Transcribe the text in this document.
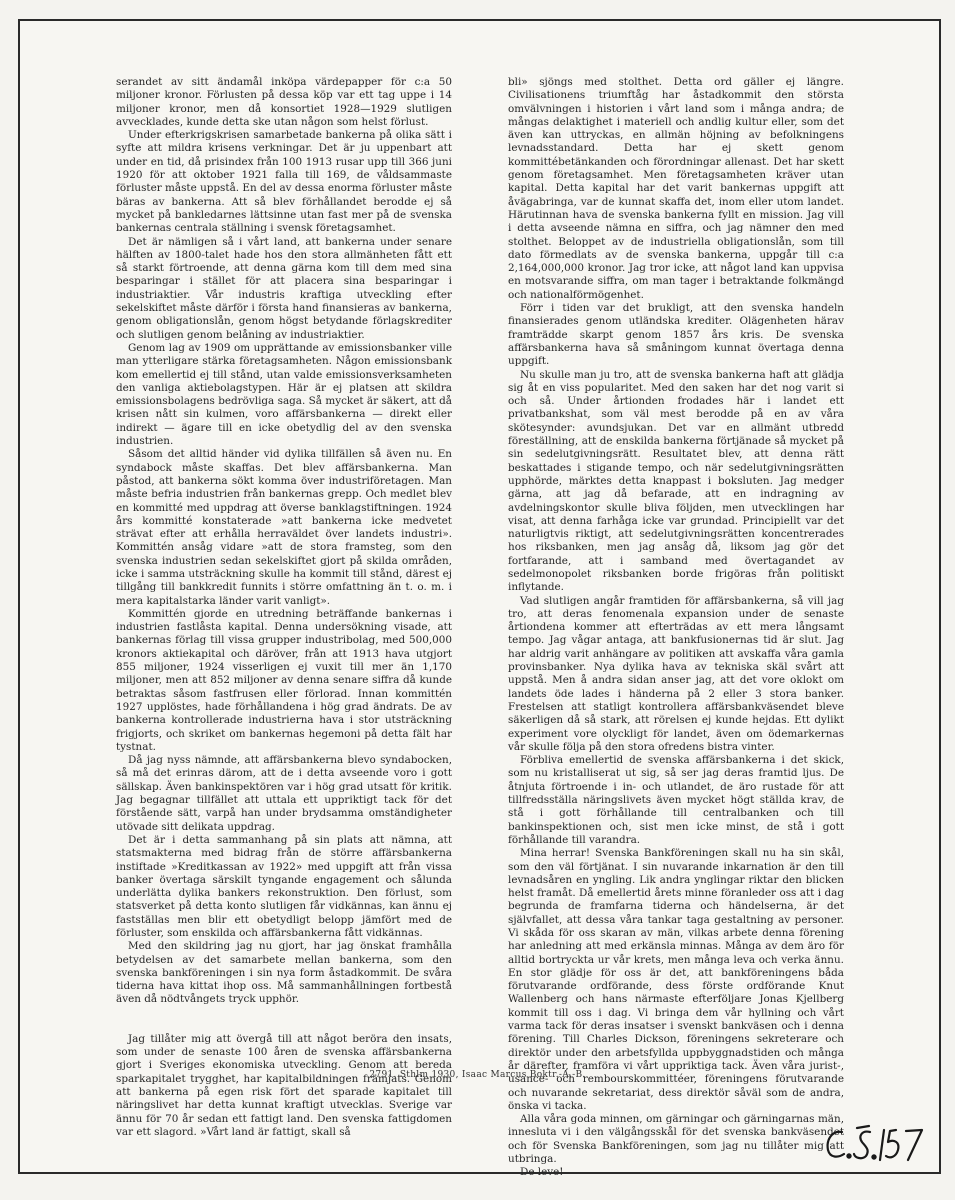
serandet av sitt ändamål inköpa värdepapper för c:a 50 miljoner kronor. Förlusten på dessa köp var ett tag uppe i 14 miljoner kronor, men då konsortiet 1928—1929 slutligen avvecklades, kunde detta ske utan någon som helst förlust.

Under efterkrigskrisen samarbetade bankerna på olika sätt i syfte att mildra krisens verkningar. Det är ju uppenbart att under en tid, då prisindex från 100 1913 rusar upp till 366 juni 1920 för att oktober 1921 falla till 169, de våldsammaste förluster måste uppstå. En del av dessa enorma förluster måste bäras av bankerna. Att så blev förhållandet berodde ej så mycket på bankledarnes lättsinne utan fast mer på de svenska bankernas centrala ställning i svensk företagsamhet.

Det är nämligen så i vårt land, att bankerna under senare hälften av 1800-talet hade hos den stora allmänheten fått ett så starkt förtroende, att denna gärna kom till dem med sina besparingar i stället för att placera sina besparingar i industriaktier. Vår industris kraftiga utveckling efter sekelskiftet måste därför i första hand finansieras av bankerna, genom obligationslån, genom högst betydande förlagskrediter och slutligen genom belåning av industriaktier.

Genom lag av 1909 om upprättande av emissionsbanker ville man ytterligare stärka företagsamheten. Någon emissionsbank kom emellertid ej till stånd, utan valde emissionsverksamheten den vanliga aktiebolagstypen. Här är ej platsen att skildra emissionsbolagens bedrövliga saga. Så mycket är säkert, att då krisen nått sin kulmen, voro affärsbankerna — direkt eller indirekt — ägare till en icke obetydlig del av den svenska industrien.

Såsom det alltid händer vid dylika tillfällen så även nu. En syndabock måste skaffas. Det blev affärsbankerna. Man påstod, att bankerna sökt komma över industriföretagen. Man måste befria industrien från bankernas grepp. Och medlet blev en kommitté med uppdrag att överse banklagstiftningen. 1924 års kommitté konstaterade »att bankerna icke medvetet strävat efter att erhålla herraväldet över landets industri». Kommittén ansåg vidare »att de stora framsteg, som den svenska industrien sedan sekelskiftet gjort på skilda områden, icke i samma utsträckning skulle ha kommit till stånd, därest ej tillgång till bankkredit funnits i större omfattning än t. o. m. i mera kapitalstarka länder varit vanligt».

Kommittén gjorde en utredning beträffande bankernas i industrien fastlåsta kapital. Denna undersökning visade, att bankernas förlag till vissa grupper industribolag, med 500,000 kronors aktiekapital och däröver, från att 1913 hava utgjort 855 miljoner, 1924 visserligen ej vuxit till mer än 1,170 miljoner, men att 852 miljoner av denna senare siffra då kunde betraktas såsom fastfrusen eller förlorad. Innan kommittén 1927 upplöstes, hade förhållandena i hög grad ändrats. De av bankerna kontrollerade industrierna hava i stor utsträckning frigjorts, och skriket om bankernas hegemoni på detta fält har tystnat.

Då jag nyss nämnde, att affärsbankerna blevo syndabocken, så må det erinras därom, att de i detta avseende voro i gott sällskap. Även bankinspektören var i hög grad utsatt för kritik. Jag begagnar tillfället att uttala ett uppriktigt tack för det förstående sätt, varpå han under brydsamma omständigheter utövade sitt delikata uppdrag.

Det är i detta sammanhang på sin plats att nämna, att statsmakterna med bidrag från de större affärsbankerna instiftade »Kreditkassan av 1922» med uppgift att från vissa banker övertaga särskilt tyngande engagement och sålunda underlätta dylika bankers rekonstruktion. Den förlust, som statsverket på detta konto slutligen får vidkännas, kan ännu ej fastställas men blir ett obetydligt belopp jämfört med de förluster, som enskilda och affärsbankerna fått vidkännas.

Med den skildring jag nu gjort, har jag önskat framhålla betydelsen av det samarbete mellan bankerna, som den svenska bankföreningen i sin nya form åstadkommit. De svåra tiderna hava kittat ihop oss. Må sammanhållningen fortbestå även då nödtvångets tryck upphör.

Jag tillåter mig att övergå till att något beröra den insats, som under de senaste 100 åren de svenska affärsbankerna gjort i Sveriges ekonomiska utveckling. Genom att bereda sparkapitalet trygghet, har kapitalbildningen främjats. Genom att bankerna på egen risk fört det sparade kapitalet till näringslivet har detta kunnat kraftigt utvecklas. Sverige var ännu för 70 år sedan ett fattigt land. Den svenska fattigdomen var ett slagord. »Vårt land är fattigt, skall så

bli» sjöngs med stolthet. Detta ord gäller ej längre. Civilisationens triumftåg har åstadkommit den största omvälvningen i historien i vårt land som i många andra; de mångas delaktighet i materiell och andlig kultur eller, som det även kan uttryckas, en allmän höjning av befolkningens levnadsstandard. Detta har ej skett genom kommittébetänkanden och förordningar allenast. Det har skett genom företagsamhet. Men företagsamheten kräver utan kapital. Detta kapital har det varit bankernas uppgift att åvägabringa, var de kunnat skaffa det, inom eller utom landet. Härutinnan hava de svenska bankerna fyllt en mission. Jag vill i detta avseende nämna en siffra, och jag nämner den med stolthet. Beloppet av de industriella obligationslån, som till dato förmedlats av de svenska bankerna, uppgår till c:a 2,164,000,000 kronor. Jag tror icke, att något land kan uppvisa en motsvarande siffra, om man tager i betraktande folkmängd och nationalförmögenhet.

Förr i tiden var det brukligt, att den svenska handeln finansierades genom utländska krediter. Olägenheten härav framträdde skarpt genom 1857 års kris. De svenska affärsbankerna hava så småningom kunnat övertaga denna uppgift.

Nu skulle man ju tro, att de svenska bankerna haft att glädja sig åt en viss popularitet. Med den saken har det nog varit si och så. Under årtionden frodades här i landet ett privatbankshat, som väl mest berodde på en av våra skötesynder: avundsjukan. Det var en allmänt utbredd föreställning, att de enskilda bankerna förtjänade så mycket på sin sedelutgivningsrätt. Resultatet blev, att denna rätt beskattades i stigande tempo, och när sedelutgivningsrätten upphörde, märktes detta knappast i boksluten. Jag medger gärna, att jag då befarade, att en indragning av avdelningskontor skulle bliva följden, men utvecklingen har visat, att denna farhåga icke var grundad. Principiellt var det naturligtvis riktigt, att sedelutgivningsrätten koncentrerades hos riksbanken, men jag ansåg då, liksom jag gör det fortfarande, att i samband med övertagandet av sedelmonopolet riksbanken borde frigöras från politiskt inflytande.

Vad slutligen angår framtiden för affärsbankerna, så vill jag tro, att deras fenomenala expansion under de senaste årtiondena kommer att efterträdas av ett mera långsamt tempo. Jag vågar antaga, att bankfusionernas tid är slut. Jag har aldrig varit anhängare av politiken att avskaffa våra gamla provinsbanker. Nya dylika hava av tekniska skäl svårt att uppstå. Men å andra sidan anser jag, att det vore oklokt om landets öde lades i händerna på 2 eller 3 stora banker. Frestelsen att statligt kontrollera affärsbankväsendet bleve säkerligen då så stark, att rörelsen ej kunde hejdas. Ett dylikt experiment vore olyckligt för landet, även om ödemarkernas vår skulle följa på den stora ofredens bistra vinter.

Förbliva emellertid de svenska affärsbankerna i det skick, som nu kristalliserat ut sig, så ser jag deras framtid ljus. De åtnjuta förtroende i in- och utlandet, de äro rustade för att tillfredsställa näringslivets även mycket högt ställda krav, de stå i gott förhållande till centralbanken och till bankinspektionen och, sist men icke minst, de stå i gott förhållande till varandra.

Mina herrar! Svenska Bankföreningen skall nu ha sin skål, som den väl förtjänat. I sin nuvarande inkarnation är den till levnadsåren en yngling. Lik andra ynglingar riktar den blicken helst framåt. Då emellertid årets minne föranleder oss att i dag begrunda de framfarna tiderna och händelserna, är det självfallet, att dessa våra tankar taga gestaltning av personer. Vi skåda för oss skaran av män, vilkas arbete denna förening har anledning att med erkänsla minnas. Många av dem äro för alltid bortryckta ur vår krets, men många leva och verka ännu. En stor glädje för oss är det, att bankföreningens båda förutvarande ordförande, dess förste ordförande Knut Wallenberg och hans närmaste efterföljare Jonas Kjellberg kommit till oss i dag. Vi bringa dem vår hyllning och vårt varma tack för deras insatser i svenskt bankväsen och i denna förening. Till Charles Dickson, föreningens sekreterare och direktör under den arbetsfyllda uppbyggnadstiden och många år därefter, framföra vi vårt uppriktiga tack. Även våra jurist-, usance- och rembourskommittéer, föreningens förutvarande och nuvarande sekretariat, dess direktör såväl som de andra, önska vi tacka.

Alla våra goda minnen, om gärningar och gärningarnas män, inneslutа vi i den välgångsskål för det svenska bankväsendet och för Svenska Bankföreningen, som jag nu tillåter mig att utbringa.

De leve!

2791. Sthlm 1930, Isaac Marcus Boktr.-A.-B.
